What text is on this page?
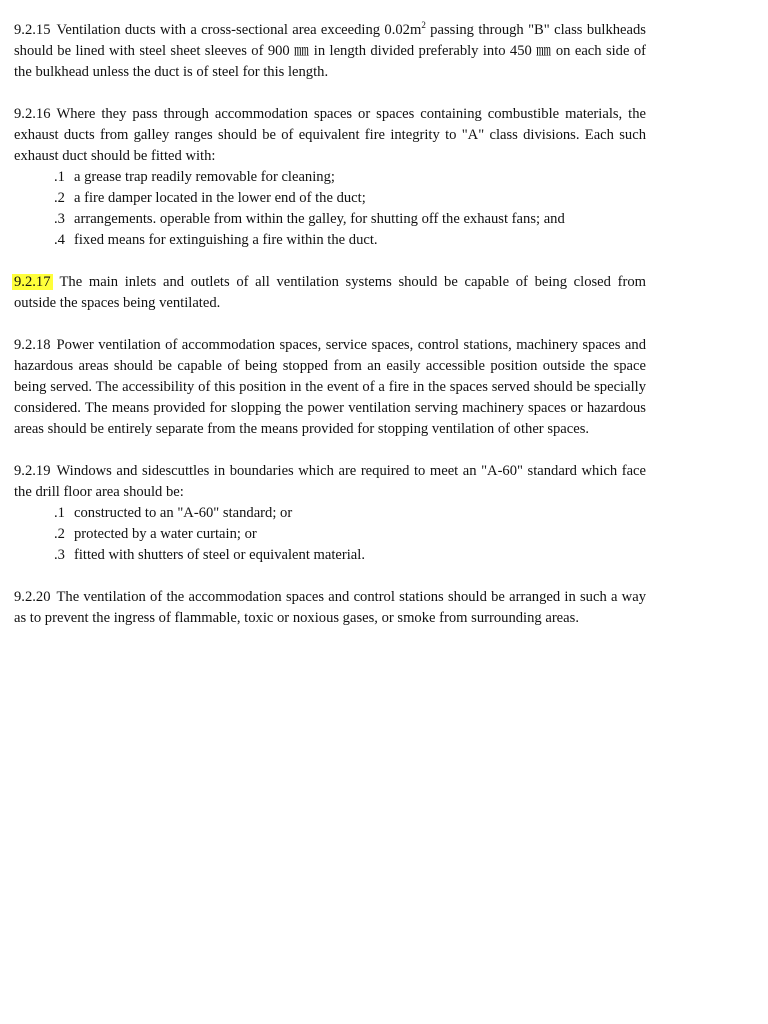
9.2.15 Ventilation ducts with a cross-sectional area exceeding $0.02m^2$ passing through "B" class bulkheads should be lined with steel sheet sleeves of 900 ㎜ in length divided preferably into 450 ㎜ on each side of the bulkhead unless the duct is of steel for this length.

9.2.16 Where they pass through accommodation spaces or spaces containing combustible materials, the exhaust ducts from galley ranges should be of equivalent fire integrity to "A" class divisions. Each such exhaust duct should be fitted with:
.1 a grease trap readily removable for cleaning;
.2 a fire damper located in the lower end of the duct;
.3 arrangements. operable from within the galley, for shutting off the exhaust fans; and
.4 fixed means for extinguishing a fire within the duct.

9.2.17 The main inlets and outlets of all ventilation systems should be capable of being closed from outside the spaces being ventilated.

9.2.18 Power ventilation of accommodation spaces, service spaces, control stations, machinery spaces and hazardous areas should be capable of being stopped from an easily accessible position outside the space being served. The accessibility of this position in the event of a fire in the spaces served should be specially considered. The means provided for slopping the power ventilation serving machinery spaces or hazardous areas should be entirely separate from the means provided for stopping ventilation of other spaces.

9.2.19 Windows and sidescuttles in boundaries which are required to meet an "A-60" standard which face the drill floor area should be:
.1 constructed to an "A-60" standard; or
.2 protected by a water curtain; or
.3 fitted with shutters of steel or equivalent material.

9.2.20 The ventilation of the accommodation spaces and control stations should be arranged in such a way as to prevent the ingress of flammable, toxic or noxious gases, or smoke from surrounding areas.
